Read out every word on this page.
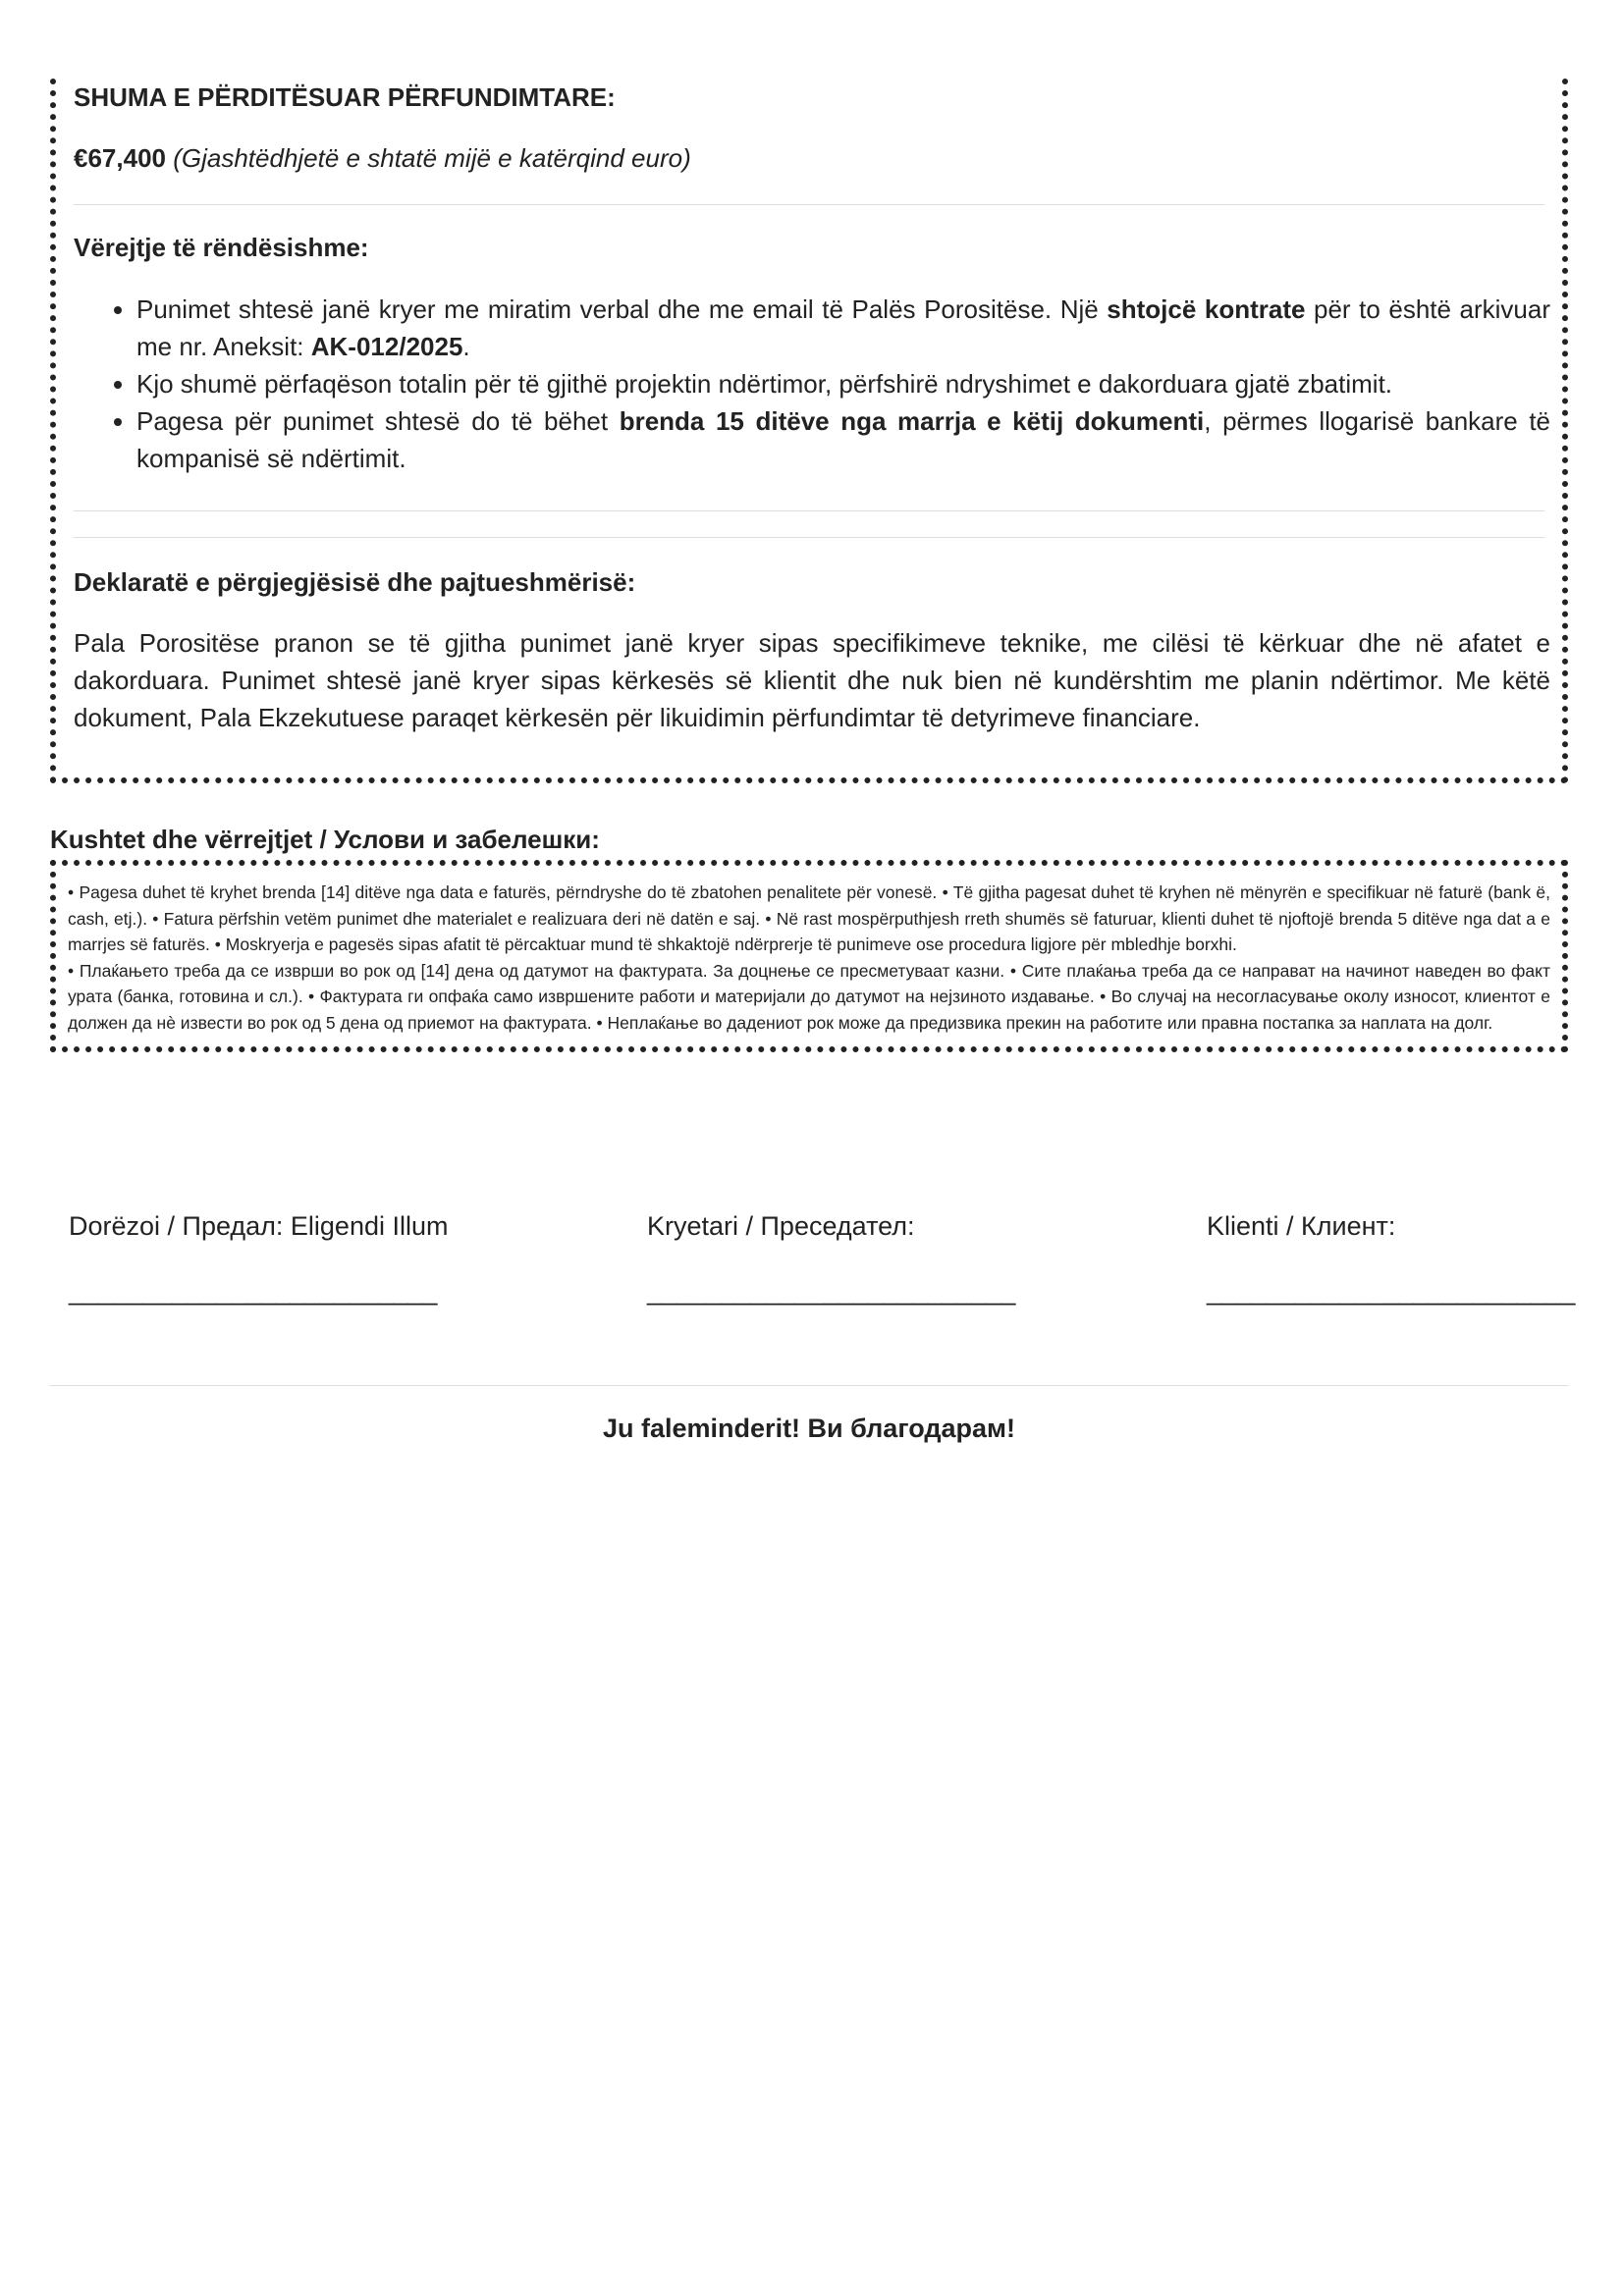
SHUMA E PËRDITËSUAR PËRFUNDIMTARE:
€67,400 (Gjashtëdhjetë e shtatë mijë e katërqind euro)
Vërejtje të rëndësishme:
• Punimet shtesë janë kryer me miratim verbal dhe me email të Palës Porositëse. Një shtojcë kontrate për to është arkivuar me nr. Aneksit: AK-012/2025.
• Kjo shumë përfaqëson totalin për të gjithë projektin ndërtimor, përfshirë ndryshimet e dakorduara gjatë zbatimit.
• Pagesa për punimet shtesë do të bëhet brenda 15 ditëve nga marrja e këtij dokumenti, përmes llogarisë bankare të kompanisë së ndërtimit.
Deklaratë e përgjegjësisë dhe pajtueshmërisë:

Pala Porositëse pranon se të gjitha punimet janë kryer sipas specifikimeve teknike, me cilësi të kërkuar dhe në afatet e dakorduara. Punimet shtesë janë kryer sipas kërkesës së klientit dhe nuk bien në kundërshtim me planin ndërtimor. Me këtë dokument, Pala Ekzekutuese paraqet kërkesën për likuidimin përfundimtar të detyrimeve financiare.

Kushtet dhe vërrejtjet / Услови и забелешки:

• Pagesa duhet të kryhet brenda [14] ditëve nga data e faturës, përndryshe do të zbatohen penalitete për vonesë. • Të gjitha pagesat duhet të kryhen në mënyrën e specifikuar në faturë (bank ë, cash, etj.). • Fatura përfshin vetëm punimet dhe materialet e realizuara deri në datën e saj. • Në rast mospërputhjesh rreth shumës së faturuar, klienti duhet të njoftojë brenda 5 ditëve nga dat a e marrjes së faturës. • Moskryerja e pagesës sipas afatit të përcaktuar mund të shkaktojë ndërprerje të punimeve ose procedura ligjore për mbledhje borxhi.

• Плаќањето треба да се изврши во рок од [14] дена од датумот на фактурата. За доцнење се пресметуваат казни. • Сите плаќања треба да се направат на начинот наведен во факт урата (банка, готовина и сл.). • Фактурата ги опфаќа само извршените работи и материјали до датумот на нејзиното издавање. • Во случај на несогласување околу износот, клиентот е должен да нè извести во рок од 5 дена од приемот на фактурата. • Неплаќање во дадениот рок може да предизвика прекин на работите или правна постапка за наплата на долг.

Dorëzoi / Предал: Eligendi Illum	Kryetari / Преседател:	Klienti / Клиент:
_________________________	_________________________	_________________________
Ju faleminderit! Ви благодарам!
